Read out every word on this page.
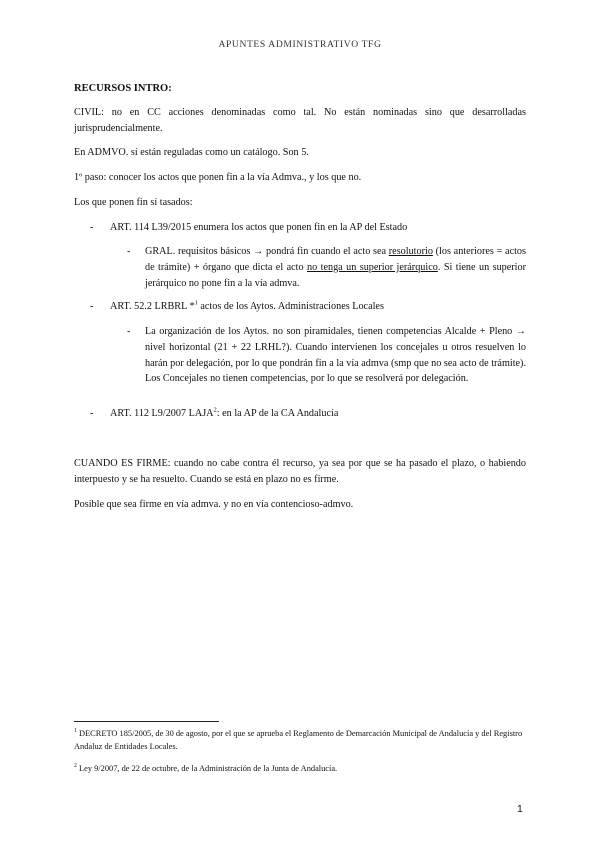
APUNTES ADMINISTRATIVO TFG
RECURSOS INTRO:
CIVIL: no en CC acciones denominadas como tal. No están nominadas sino que desarrolladas jurisprudencialmente.
En ADMVO. sí están reguladas como un catálogo. Son 5.
1º paso: conocer los actos que ponen fin a la vía Admva., y los que no.
Los que ponen fin sí tasados:
- ART. 114 L39/2015 enumera los actos que ponen fin en la AP del Estado
- GRAL. requisitos básicos → pondrá fin cuando el acto sea resolutorio (los anteriores = actos de trámite) + órgano que dicta el acto no tenga un superior jerárquico. Si tiene un superior jerárquico no pone fin a la vía admva.
- ART. 52.2 LRBRL *$^1$ actos de los Aytos. Administraciones Locales
- La organización de los Aytos. no son piramidales, tienen competencias Alcalde + Pleno → nivel horizontal (21 + 22 LRHL?). Cuando intervienen los concejales u otros resuelven lo harán por delegación, por lo que pondrán fin a la vía admva (smp que no sea acto de trámite). Los Concejales no tienen competencias, por lo que se resolverá por delegación.
- ART. 112 L9/2007 LAJA$^2$: en la AP de la CA Andalucía
CUANDO ES FIRME: cuando no cabe contra él recurso, ya sea por que se ha pasado el plazo, o habiendo interpuesto y se ha resuelto. Cuando se está en plazo no es firme.
Posible que sea firme en vía admva. y no en vía contencioso-admvo.
$^1$ DECRETO 185/2005, de 30 de agosto, por el que se aprueba el Reglamento de Demarcación Municipal de Andalucía y del Registro Andaluz de Entidades Locales.
$^2$ Ley 9/2007, de 22 de octubre, de la Administración de la Junta de Andalucía.
1
